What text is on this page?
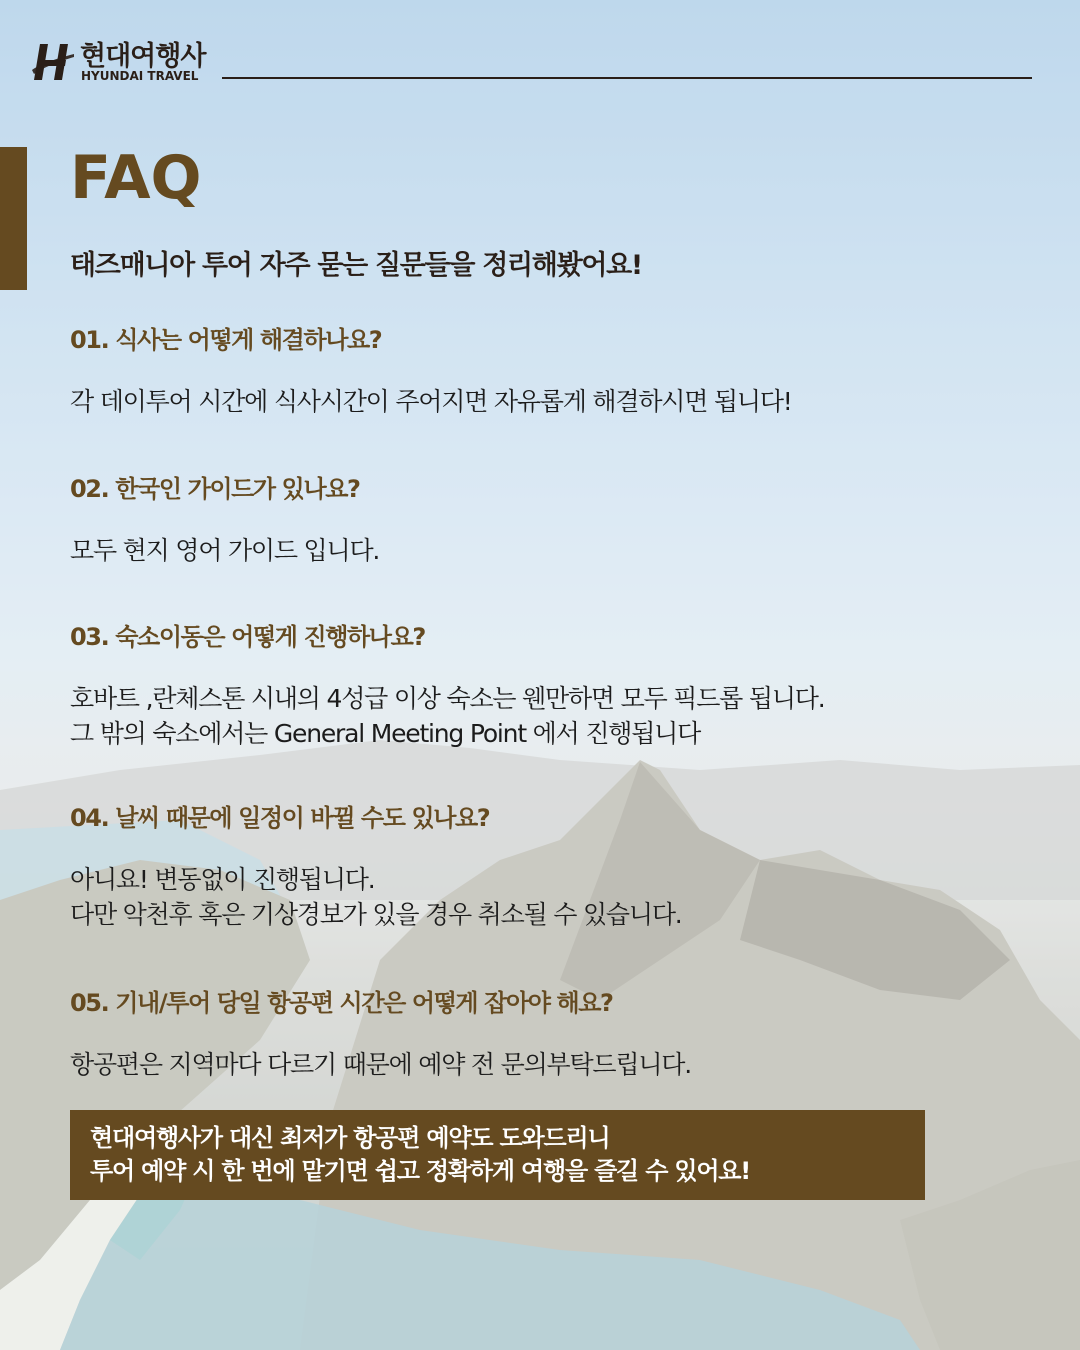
현대여행사
HYUNDAI TRAVEL
FAQ

태즈매니아 투어 자주 묻는 질문들을 정리해봤어요!

01. 식사는 어떻게 해결하나요?

각 데이투어 시간에 식사시간이 주어지면 자유롭게 해결하시면 됩니다!

02. 한국인 가이드가 있나요?

모두 현지 영어 가이드 입니다.

03. 숙소이동은 어떻게 진행하나요?

호바트 ,란체스톤 시내의 4성급 이상 숙소는 웬만하면 모두 픽드롭 됩니다.
그 밖의 숙소에서는 General Meeting Point 에서 진행됩니다

04. 날씨 때문에 일정이 바뀔 수도 있나요?

아니요! 변동없이 진행됩니다.
다만 악천후 혹은 기상경보가 있을 경우 취소될 수 있습니다.

05. 기내/투어 당일 항공편 시간은 어떻게 잡아야 해요?

항공편은 지역마다 다르기 때문에 예약 전 문의부탁드립니다.

현대여행사가 대신 최저가 항공편 예약도 도와드리니
투어 예약 시 한 번에 맡기면 쉽고 정확하게 여행을 즐길 수 있어요!
